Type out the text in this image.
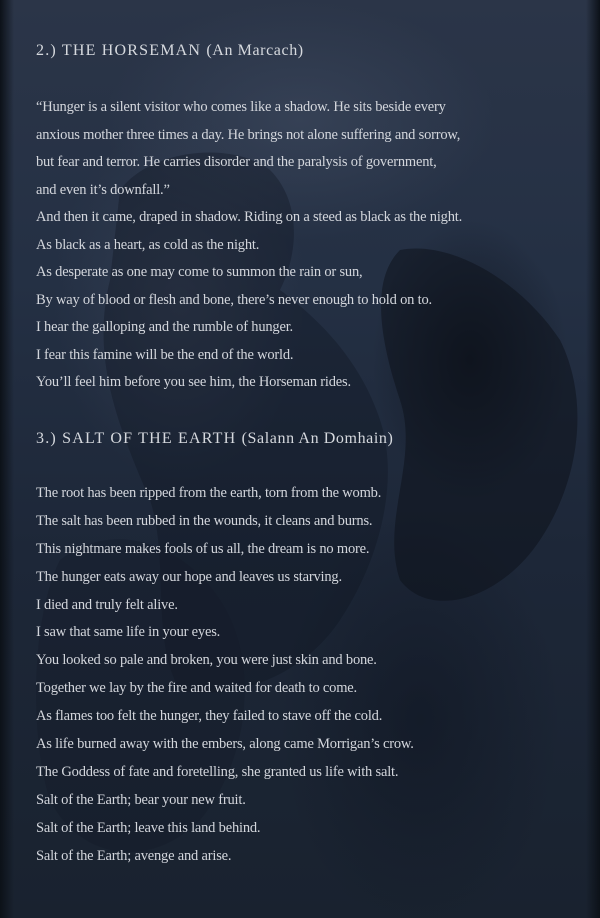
2.) THE HORSEMAN (An Marcach)
“Hunger is a silent visitor who comes like a shadow. He sits beside every
anxious mother three times a day. He brings not alone suffering and sorrow,
but fear and terror. He carries disorder and the paralysis of government,
and even it’s downfall.”
And then it came, draped in shadow. Riding on a steed as black as the night.
As black as a heart, as cold as the night.
As desperate as one may come to summon the rain or sun,
By way of blood or flesh and bone, there’s never enough to hold on to.
I hear the galloping and the rumble of hunger.
I fear this famine will be the end of the world.
You’ll feel him before you see him, the Horseman rides.
3.) SALT OF THE EARTH (Salann An Domhain)
The root has been ripped from the earth, torn from the womb.
The salt has been rubbed in the wounds, it cleans and burns.
This nightmare makes fools of us all, the dream is no more.
The hunger eats away our hope and leaves us starving.
I died and truly felt alive.
I saw that same life in your eyes.
You looked so pale and broken, you were just skin and bone.
Together we lay by the fire and waited for death to come.
As flames too felt the hunger, they failed to stave off the cold.
As life burned away with the embers, along came Morrigan’s crow.
The Goddess of fate and foretelling, she granted us life with salt.
Salt of the Earth; bear your new fruit.
Salt of the Earth; leave this land behind.
Salt of the Earth; avenge and arise.
